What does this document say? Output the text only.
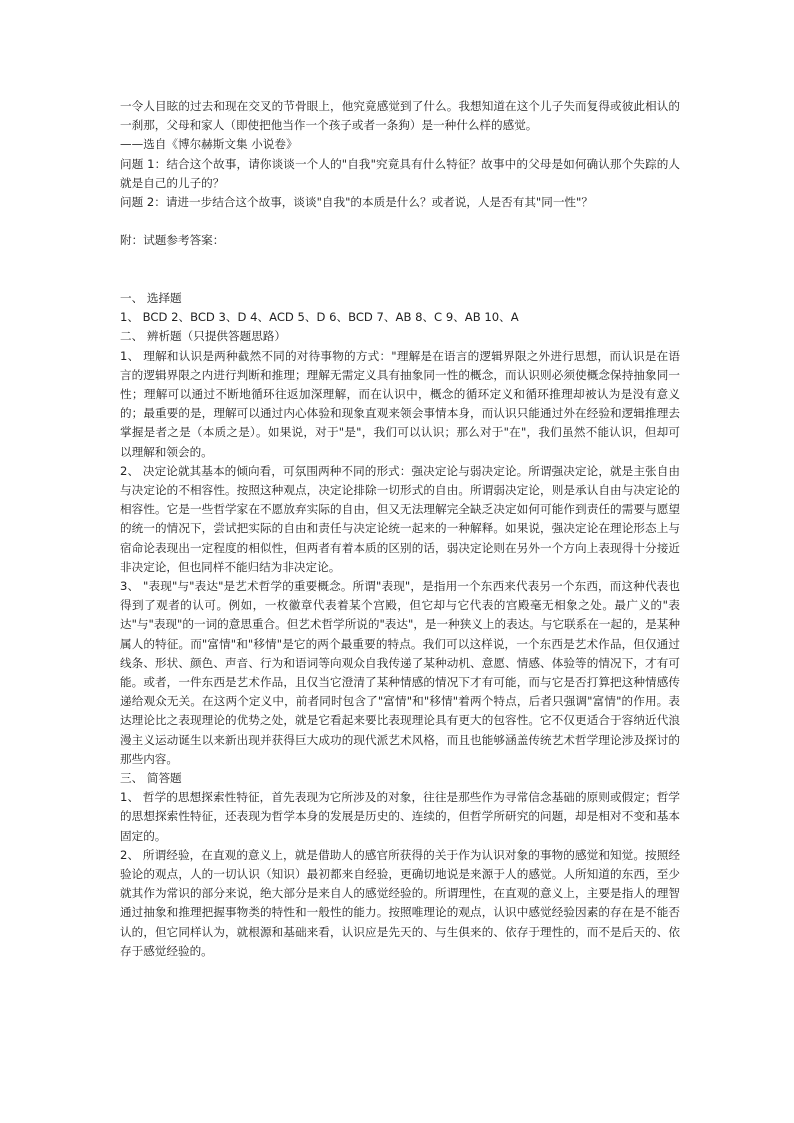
一令人目眩的过去和现在交叉的节骨眼上，他究竟感觉到了什么。我想知道在这个儿子失而复得或彼此相认的一刹那，父母和家人（即使把他当作一个孩子或者一条狗）是一种什么样的感觉。

——选自《博尔赫斯文集 小说卷》

问题 1：结合这个故事，请你谈谈一个人的"自我"究竟具有什么特征？故事中的父母是如何确认那个失踪的人就是自己的儿子的？

问题 2：请进一步结合这个故事，谈谈"自我"的本质是什么？或者说，人是否有其"同一性"？

附：试题参考答案：

一、 选择题

1、 BCD 2、BCD 3、D 4、ACD 5、D 6、BCD 7、AB 8、C 9、AB 10、A

二、 辨析题（只提供答题思路）

1、 理解和认识是两种截然不同的对待事物的方式："理解是在语言的逻辑界限之外进行思想，而认识是在语言的逻辑界限之内进行判断和推理；理解无需定义具有抽象同一性的概念，而认识则必须使概念保持抽象同一性；理解可以通过不断地循环往返加深理解，而在认识中，概念的循环定义和循环推理却被认为是没有意义的；最重要的是，理解可以通过内心体验和现象直观来领会事情本身，而认识只能通过外在经验和逻辑推理去掌握是者之是（本质之是）。如果说，对于"是"，我们可以认识；那么对于"在"，我们虽然不能认识，但却可以理解和领会的。

2、 决定论就其基本的倾向看，可氛围两种不同的形式：强决定论与弱决定论。所谓强决定论，就是主张自由与决定论的不相容性。按照这种观点，决定论排除一切形式的自由。所谓弱决定论，则是承认自由与决定论的相容性。它是一些哲学家在不愿放弃实际的自由，但又无法理解完全缺乏决定如何可能作到责任的需要与愿望的统一的情况下，尝试把实际的自由和责任与决定论统一起来的一种解释。如果说，强决定论在理论形态上与宿命论表现出一定程度的相似性，但两者有着本质的区别的话，弱决定论则在另外一个方向上表现得十分接近非决定论，但也同样不能归结为非决定论。

3、 "表现"与"表达"是艺术哲学的重要概念。所谓"表现"，是指用一个东西来代表另一个东西，而这种代表也得到了观者的认可。例如，一枚徽章代表着某个宫殿，但它却与它代表的宫殿毫无相象之处。最广义的"表达"与"表现"的一词的意思重合。但艺术哲学所说的"表达"，是一种狭义上的表达。与它联系在一起的，是某种属人的特征。而"富情"和"移情"是它的两个最重要的特点。我们可以这样说，一个东西是艺术作品，但仅通过线条、形状、颜色、声音、行为和语词等向观众自我传递了某种动机、意愿、情感、体验等的情况下，才有可能。或者，一件东西是艺术作品，且仅当它澄清了某种情感的情况下才有可能，而与它是否打算把这种情感传递给观众无关。在这两个定义中，前者同时包含了"富情"和"移情"着两个特点，后者只强调"富情"的作用。表达理论比之表现理论的优势之处，就是它看起来要比表现理论具有更大的包容性。它不仅更适合于容纳近代浪漫主义运动诞生以来新出现并获得巨大成功的现代派艺术风格，而且也能够涵盖传统艺术哲学理论涉及探讨的那些内容。

三、 简答题

1、 哲学的思想探索性特征，首先表现为它所涉及的对象，往往是那些作为寻常信念基础的原则或假定；哲学的思想探索性特征，还表现为哲学本身的发展是历史的、连续的，但哲学所研究的问题，却是相对不变和基本固定的。

2、 所谓经验，在直观的意义上，就是借助人的感官所获得的关于作为认识对象的事物的感觉和知觉。按照经验论的观点，人的一切认识（知识）最初都来自经验，更确切地说是来源于人的感觉。人所知道的东西，至少就其作为常识的部分来说，绝大部分是来自人的感觉经验的。所谓理性，在直观的意义上，主要是指人的理智通过抽象和推理把握事物类的特性和一般性的能力。按照唯理论的观点，认识中感觉经验因素的存在是不能否认的，但它同样认为，就根源和基础来看，认识应是先天的、与生俱来的、依存于理性的，而不是后天的、依存于感觉经验的。
